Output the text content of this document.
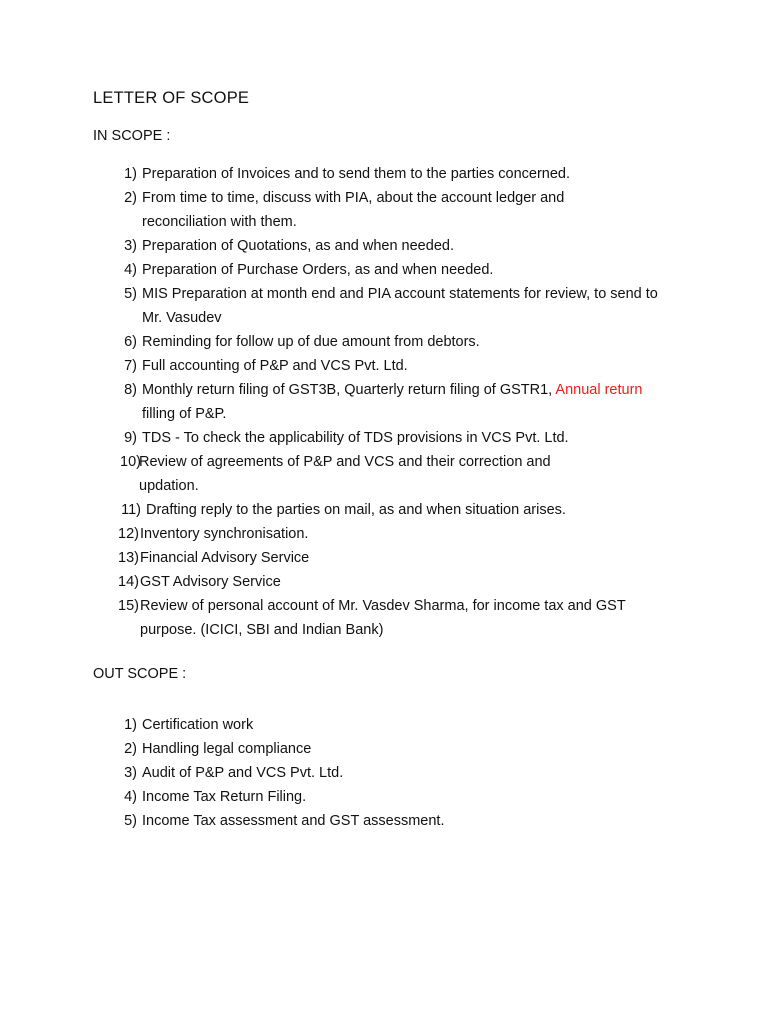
LETTER OF SCOPE
IN SCOPE :
1) Preparation of Invoices and to send them to the parties concerned.
2) From time to time, discuss with PIA, about the account ledger and reconciliation with them.
3) Preparation of Quotations, as and when needed.
4) Preparation of Purchase Orders, as and when needed.
5) MIS Preparation at month end and PIA account statements for review, to send to Mr. Vasudev
6) Reminding for follow up of due amount from debtors.
7) Full accounting of P&P and VCS Pvt. Ltd.
8) Monthly return filing of GST3B, Quarterly return filing of GSTR1, Annual return filling of P&P.
9) TDS - To check the applicability of TDS provisions in VCS Pvt. Ltd.
10)
Review of agreements of P&P and VCS and their correction and updation.
11) Drafting reply to the parties on mail, as and when situation arises.
12) Inventory synchronisation.
13) Financial Advisory Service
14) GST Advisory Service
15) Review of personal account of Mr. Vasdev Sharma, for income tax and GST purpose. (ICICI, SBI and Indian Bank)
OUT SCOPE :
1) Certification work
2) Handling legal compliance
3) Audit of P&P and VCS Pvt. Ltd.
4) Income Tax Return Filing.
5) Income Tax assessment and GST assessment.
